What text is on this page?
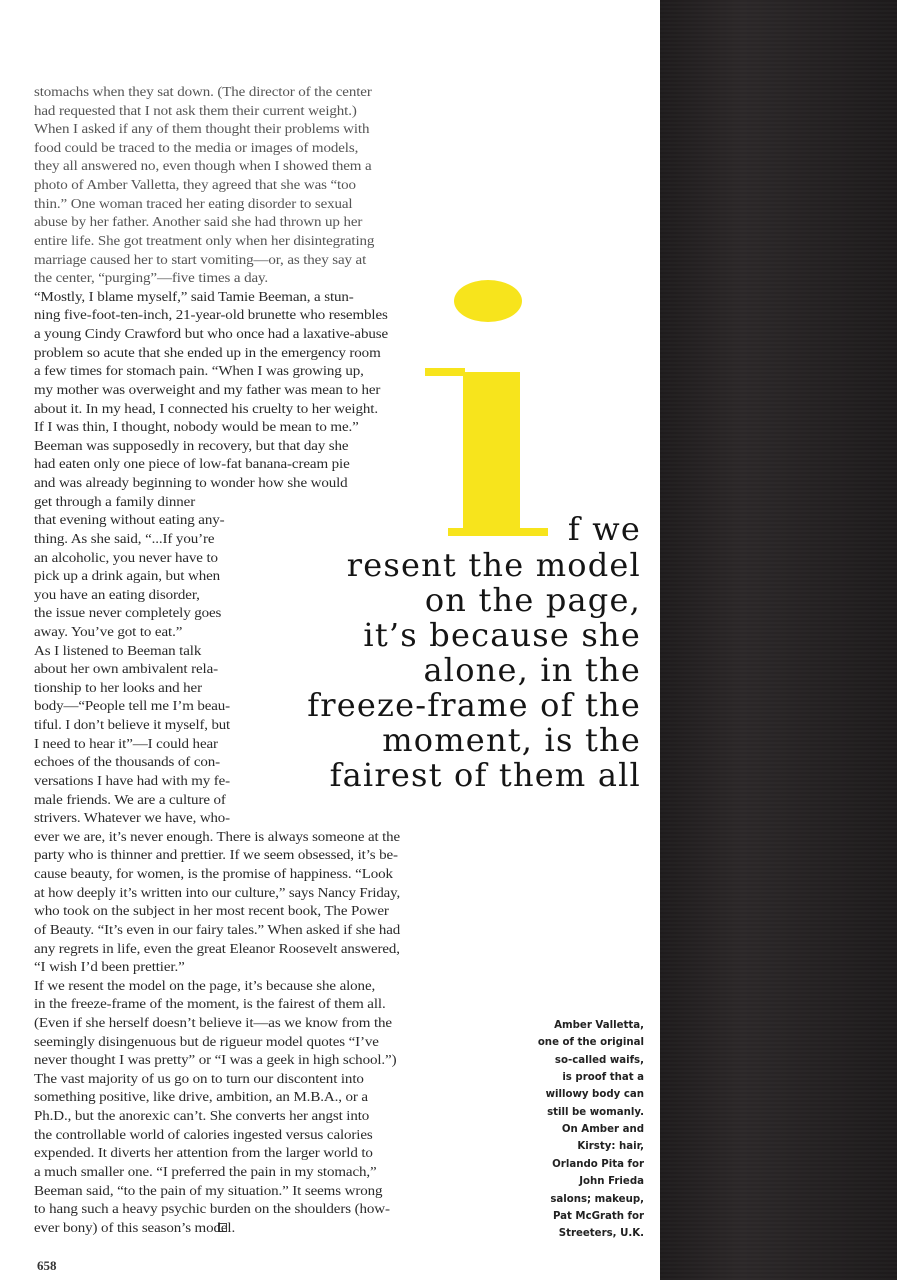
stomachs when they sat down. (The director of the center
had requested that I not ask them their current weight.)
When I asked if any of them thought their problems with
food could be traced to the media or images of models,
they all answered no, even though when I showed them a
photo of Amber Valletta, they agreed that she was “too
thin.” One woman traced her eating disorder to sexual
abuse by her father. Another said she had thrown up her
entire life. She got treatment only when her disintegrating
marriage caused her to start vomiting—or, as they say at
the center, “purging”—five times a day.
“Mostly, I blame myself,” said Tamie Beeman, a stun-
ning five-foot-ten-inch, 21-year-old brunette who resembles
a young Cindy Crawford but who once had a laxative-abuse
problem so acute that she ended up in the emergency room
a few times for stomach pain. “When I was growing up,
my mother was overweight and my father was mean to her
about it. In my head, I connected his cruelty to her weight.
If I was thin, I thought, nobody would be mean to me.”
Beeman was supposedly in recovery, but that day she
had eaten only one piece of low-fat banana-cream pie
and was already beginning to wonder how she would
get through a family dinner
that evening without eating any-
thing. As she said, “...If you’re
an alcoholic, you never have to
pick up a drink again, but when
you have an eating disorder,
the issue never completely goes
away. You’ve got to eat.”
As I listened to Beeman talk
about her own ambivalent rela-
tionship to her looks and her
body—“People tell me I’m beau-
tiful. I don’t believe it myself, but
I need to hear it”—I could hear
echoes of the thousands of con-
versations I have had with my fe-
male friends. We are a culture of
strivers. Whatever we have, who-
ever we are, it’s never enough. There is always someone at the
party who is thinner and prettier. If we seem obsessed, it’s be-
cause beauty, for women, is the promise of happiness. “Look
at how deeply it’s written into our culture,” says Nancy Friday,
who took on the subject in her most recent book, The Power
of Beauty. “It’s even in our fairy tales.” When asked if she had
any regrets in life, even the great Eleanor Roosevelt answered,
“I wish I’d been prettier.”
If we resent the model on the page, it’s because she alone,
in the freeze-frame of the moment, is the fairest of them all.
(Even if she herself doesn’t believe it—as we know from the
seemingly disingenuous but de rigueur model quotes “I’ve
never thought I was pretty” or “I was a geek in high school.”)
The vast majority of us go on to turn our discontent into
something positive, like drive, ambition, an M.B.A., or a
Ph.D., but the anorexic can’t. She converts her angst into
the controllable world of calories ingested versus calories
expended. It diverts her attention from the larger world to
a much smaller one. “I preferred the pain in my stomach,”
Beeman said, “to the pain of my situation.” It seems wrong
to hang such a heavy psychic burden on the shoulders (how-
ever bony) of this season’s model.
f we
resent the model
on the page,
it’s because she
alone, in the
freeze-frame of the
moment, is the
fairest of them all
Amber Valletta,
one of the original
so-called waifs,
is proof that a
willowy body can
still be womanly.
On Amber and
Kirsty: hair,
Orlando Pita for
John Frieda
salons; makeup,
Pat McGrath for
Streeters, U.K.
658
